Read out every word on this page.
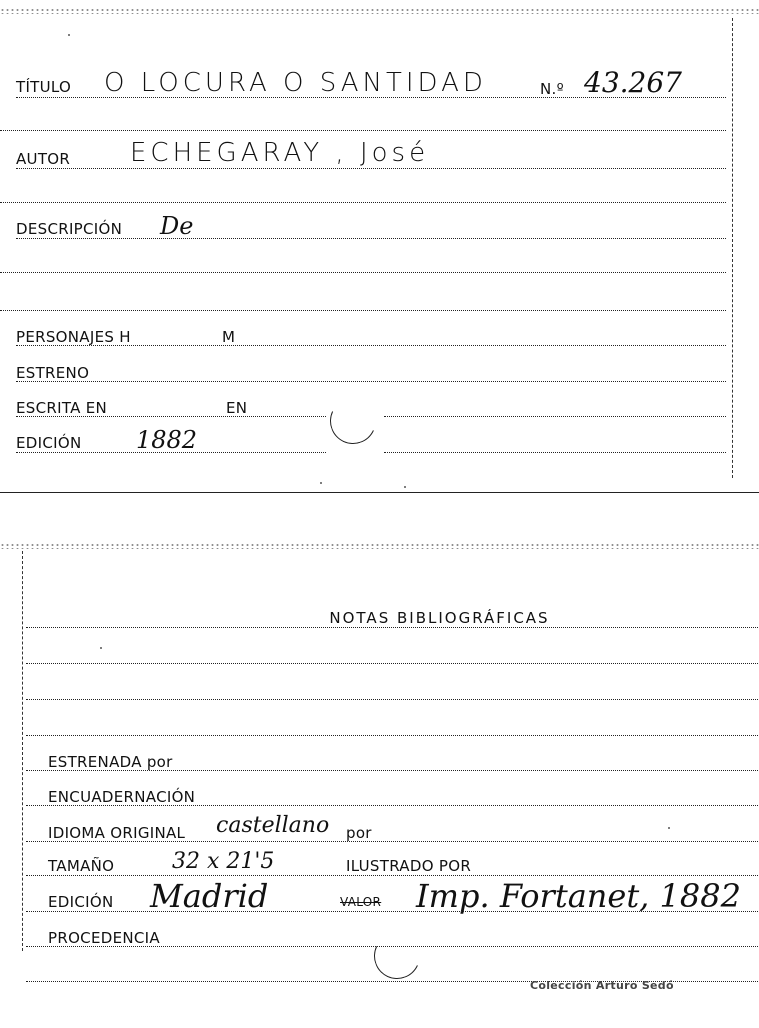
TÍTULO O LOCURA O SANTIDAD	N.º 43.267
AUTOR ECHEGARAY , José
DESCRIPCIÓN De
PERSONAJES H	M
ESTRENO
ESCRITA EN	EN
EDICIÓN 1882
NOTAS BIBLIOGRÁFICAS
ESTRENADA por
ENCUADERNACIÓN
IDIOMA ORIGINAL castellano por
TAMAÑO	32 x 21'5	ILUSTRADO POR
EDICIÓN Madrid	VALOR Imp. Fortanet, 1882
PROCEDENCIA
Colección Arturo Sedó
